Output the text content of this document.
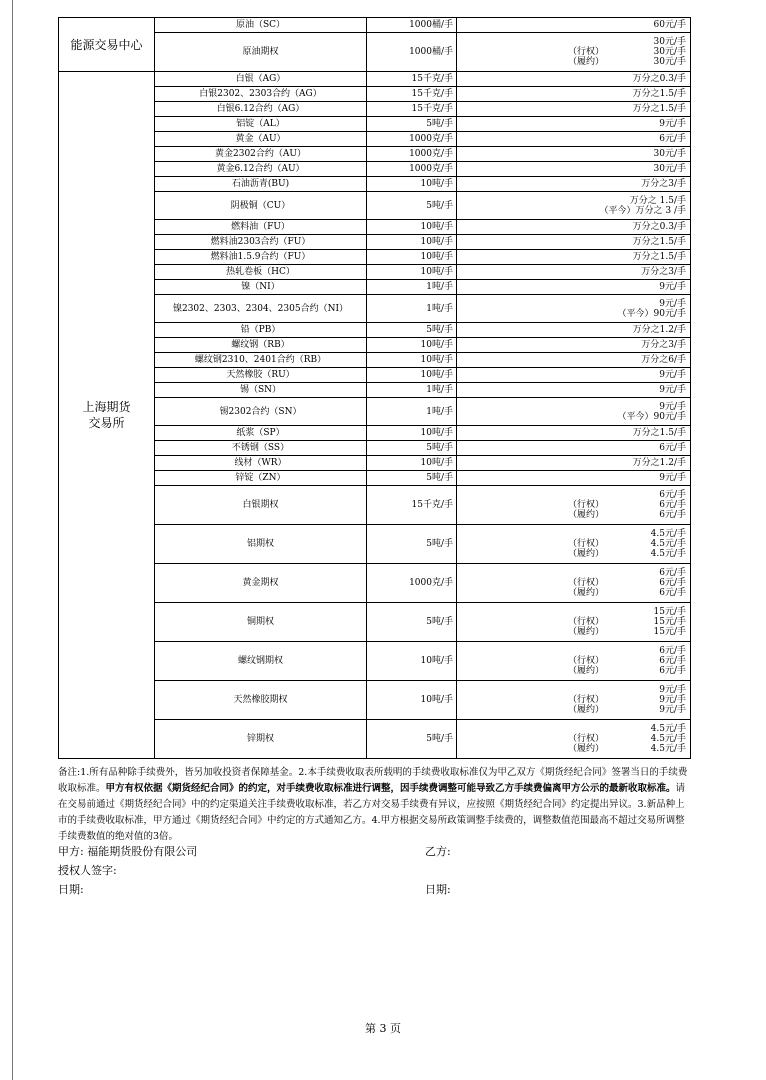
能源交易中心	原油（SC）	1000桶/手	60元/手
	原油期权	1000桶/手	30元/手
（行权） 30元/手
（履约） 30元/手

上海期货交易所	白银（AG）	15千克/手	万分之0.3/手
	白银2302、2303合约（AG）	15千克/手	万分之1.5/手
	白银6.12合约（AG）	15千克/手	万分之1.5/手
	铝锭（AL）	5吨/手	9元/手
	黄金（AU）	1000克/手	6元/手
	黄金2302合约（AU）	1000克/手	30元/手
	黄金6.12合约（AU）	1000克/手	30元/手
	石油沥青(BU)	10吨/手	万分之3/手
	阴极铜（CU）	5吨/手	万分之 1.5/手
（平今）万分之 3 /手

	燃料油（FU）	10吨/手	万分之0.3/手
	燃料油2303合约（FU）	10吨/手	万分之1.5/手
	燃料油1.5.9合约（FU）	10吨/手	万分之1.5/手
	热轧卷板（HC）	10吨/手	万分之3/手
	镍（NI）	1吨/手	9元/手
	镍2302、2303、2304、2305合约（NI）	1吨/手	9元/手
（平今）90元/手

	铅（PB）	5吨/手	万分之1.2/手
	螺纹钢（RB）	10吨/手	万分之3/手
	螺纹钢2310、2401合约（RB）	10吨/手	万分之6/手
	天然橡胶（RU）	10吨/手	9元/手
	锡（SN）	1吨/手	9元/手
	锡2302合约（SN）	1吨/手	9元/手
（平今）90元/手

	纸浆（SP）	10吨/手	万分之1.5/手
	不锈钢（SS）	5吨/手	6元/手
	线材（WR）	10吨/手	万分之1.2/手
	锌锭（ZN）	5吨/手	9元/手
	白银期权	15千克/手	6元/手
（行权） 6元/手
（履约） 6元/手

	铝期权	5吨/手	4.5元/手
（行权） 4.5元/手
（履约） 4.5元/手

	黄金期权	1000克/手	6元/手
（行权） 6元/手
（履约） 6元/手

	铜期权	5吨/手	15元/手
（行权） 15元/手
（履约） 15元/手

	螺纹钢期权	10吨/手	6元/手
（行权） 6元/手
（履约） 6元/手

	天然橡胶期权	10吨/手	9元/手
（行权） 9元/手
（履约） 9元/手

	锌期权	5吨/手	4.5元/手
（行权） 4.5元/手
（履约） 4.5元/手
备注:1.所有品种除手续费外，皆另加收投资者保障基金。2.本手续费收取表所载明的手续费收取标准仅为甲乙双方《期货经纪合同》签署当日的手续费收取标准。甲方有权依据《期货经纪合同》的约定，对手续费收取标准进行调整，因手续费调整可能导致乙方手续费偏离甲方公示的最新收取标准。请在交易前通过《期货经纪合同》中的约定渠道关注手续费收取标准，若乙方对交易手续费有异议，应按照《期货经纪合同》约定提出异议。3.新品种上市的手续费收取标准，甲方通过《期货经纪合同》中约定的方式通知乙方。4.甲方根据交易所政策调整手续费的，调整数值范围最高不超过交易所调整手续费数值的绝对值的3倍。
甲方: 福能期货股份有限公司	乙方:
授权人签字:
日期:	日期:
第 3 页
